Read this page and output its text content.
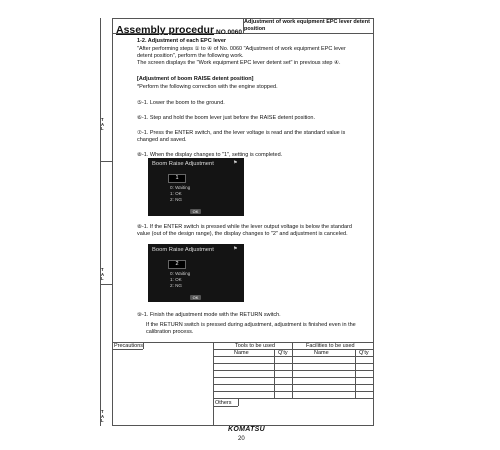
Assembly procedur NO.0060
Adjustment of work equipment EPC lever detent position
T
A
L
T
A
L
T
A
L
1-2. Adjustment of each EPC lever
"After performing steps ① to ④ of No. 0060 "Adjustment of work equipment EPC lever
detent position", perform the following work.
The screen displays the "Work equipment EPC lever detent set" in previous step ④.
[Adjustment of boom RAISE detent position]
*Perform the following correction with the engine stopped.
⑤-1. Lower the boom to the ground.
⑥-1. Step and hold the boom lever just before the RAISE detent position.
⑦-1. Press the ENTER switch, and the lever voltage is read and the standard value is
changed and saved.
⑧-1. When the display changes to "1", setting is completed.
Boom Raise Adjustment	⚑
1
0: Waiting
1: OK
2: NG
OK
⑧-1. If the ENTER switch is pressed while the lever output voltage is below the standard
value (out of the design range), the display changes to "2" and adjustment is canceled.
Boom Raise Adjustment	⚑
2
0: Waiting
1: OK
2: NG
OK
⑨-1. Finish the adjustment mode with the RETURN switch.
If the RETURN switch is pressed during adjustment, adjustment is finished even in the
calibration process.
Precautions	Tools to be used	Facilities to be used
Name	Q'ty	Name	Q'ty
Others
KOMATSU
20
